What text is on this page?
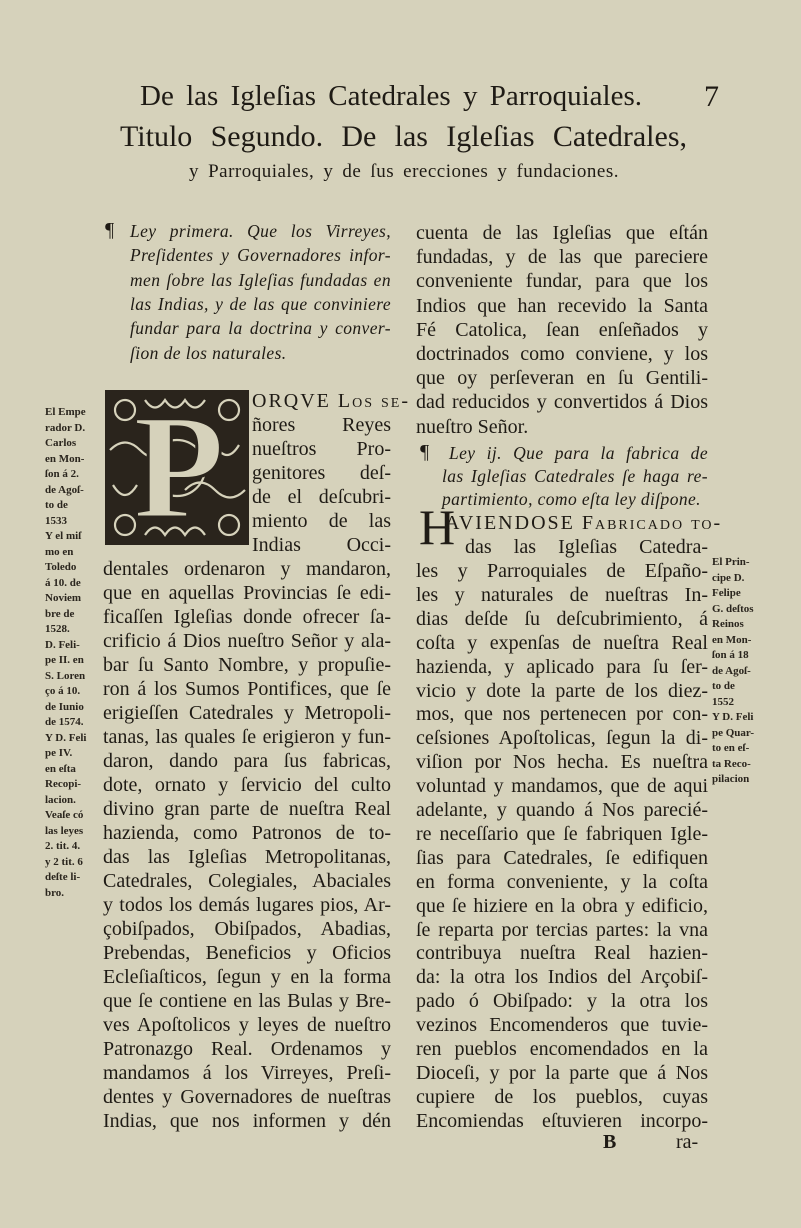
De las Igleſias Catedrales y Parroquiales. 7
Titulo Segundo. De las Igleſias Catedrales,
y Parroquiales, y de ſus erecciones y fundaciones.
¶
¶
P	H
Ley primera. Que los Virreyes,
Preſidentes y Governadores infor-
men ſobre las Igleſias fundadas en
las Indias, y de las que conviniere
fundar para la doctrina y conver-
ſion de los naturales.
ORQVE Los ſe-
ñores Reyes
nueſtros Pro-
genitores deſ-
de el deſcubri-
miento de las
Indias Occi-
dentales ordenaron y mandaron,
que en aquellas Provincias ſe edi-
ficaſſen Igleſias donde ofrecer ſa-
crificio á Dios nueſtro Señor y ala-
bar ſu Santo Nombre, y propuſie-
ron á los Sumos Pontifices, que ſe
erigieſſen Catedrales y Metropoli-
tanas, las quales ſe erigieron y fun-
daron, dando para ſus fabricas,
dote, ornato y ſervicio del culto
divino gran parte de nueſtra Real
hazienda, como Patronos de to-
das las Igleſias Metropolitanas,
Catedrales, Colegiales, Abaciales
y todos los demás lugares pios, Ar-
çobiſpados, Obiſpados, Abadias,
Prebendas, Beneficios y Oficios
Ecleſiaſticos, ſegun y en la forma
que ſe contiene en las Bulas y Bre-
ves Apoſtolicos y leyes de nueſtro
Patronazgo Real. Ordenamos y
mandamos á los Virreyes, Preſi-
dentes y Governadores de nueſtras
Indias, que nos informen y dén
cuenta de las Igleſias que eſtán
fundadas, y de las que pareciere
conveniente fundar, para que los
Indios que han recevido la Santa
Fé Catolica, ſean enſeñados y
doctrinados como conviene, y los
que oy perſeveran en ſu Gentili-
dad reducidos y convertidos á Dios
nueſtro Señor.
Ley ij. Que para la fabrica de
las Igleſias Catedrales ſe haga re-
partimiento, como eſta ley diſpone.
AVIENDOSE Fabricado to-
das las Igleſias Catedra-
les y Parroquiales de Eſpaño-
les y naturales de nueſtras In-
dias deſde ſu deſcubrimiento, á
coſta y expenſas de nueſtra Real
hazienda, y aplicado para ſu ſer-
vicio y dote la parte de los diez-
mos, que nos pertenecen por con-
ceſsiones Apoſtolicas, ſegun la di-
viſion por Nos hecha. Es nueſtra
voluntad y mandamos, que de aqui
adelante, y quando á Nos parecié-
re neceſſario que ſe fabriquen Igle-
ſias para Catedrales, ſe edifiquen
en forma conveniente, y la coſta
que ſe hiziere en la obra y edificio,
ſe reparta por tercias partes: la vna
contribuya nueſtra Real hazien-
da: la otra los Indios del Arçobiſ-
pado ó Obiſpado: y la otra los
vezinos Encomenderos que tuvie-
ren pueblos encomendados en la
Dioceſi, y por la parte que á Nos
cupiere de los pueblos, cuyas
Encomiendas eſtuvieren incorpo-
El Empe
rador D.
Carlos
en Mon-
ſon á 2.
de Agoſ-
to de
1533
Y el miſ
mo en
Toledo
á 10. de
Noviem
bre de
1528.
D. Feli-
pe II. en
S. Loren
ço á 10.
de Iunio
de 1574.
Y D. Feli
pe IV.
en eſta
Recopi-
lacion.
Veaſe có
las leyes
2. tit. 4.
y 2 tit. 6
deſte li-
bro.
El Prin-
cipe D.
Felipe
G. deſtos
Reinos
en Mon-
ſon á 18
de Agoſ-
to de
1552
Y D. Feli
pe Quar-
to en eſ-
ta Reco-
pilacion
B	ra-
